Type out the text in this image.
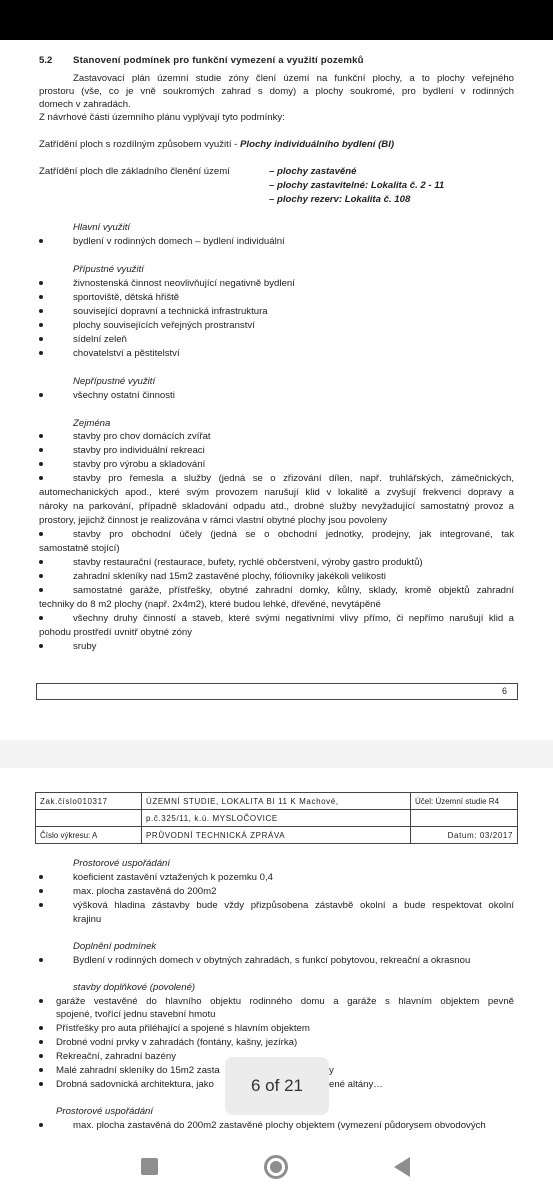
5.2 Stanovení podmínek pro funkční vymezení a využití pozemků
Zastavovací plán územní studie zóny člení území na funkční plochy, a to plochy veřejného
prostoru (vše, co je vně soukromých zahrad s domy) a plochy soukromé, pro bydlení v rodinných
domech v zahradách.
Z návrhové části územního plánu vyplývají tyto podmínky:
Zatřídění ploch s rozdílným způsobem využití - Plochy individuálního bydlení (BI)
Zatřídění ploch dle základního členění území	– plochy zastavěné
– plochy zastavitelné: Lokalita č. 2 - 11
– plochy rezerv: Lokalita č. 108
Hlavní využití
bydlení v rodinných domech – bydlení individuální
Přípustné využití
živnostenská činnost neovlivňující negativně bydlení
sportoviště, dětská hřiště
související dopravní a technická infrastruktura
plochy souvisejících veřejných prostranství
sídelní zeleň
chovatelství a pěstitelství
Nepřípustné využití
všechny ostatní činnosti
Zejména
stavby pro chov domácích zvířat
stavby pro individuální rekreaci
stavby pro výrobu a skladování
stavby pro řemesla a služby (jedná se o zřizování dílen, např. truhlářských, zámečnických,
automechanických apod., které svým provozem narušují klid v lokalitě a zvyšují frekvenci dopravy a
nároky na parkování, případně skladování odpadu atd., drobné služby nevyžadující samostatný provoz a
prostory, jejichž činnost je realizována v rámci vlastní obytné plochy jsou povoleny
stavby pro obchodní účely (jedná se o obchodní jednotky, prodejny, jak integrované, tak
samostatně stojící)
stavby restaurační (restaurace, bufety, rychlé občerstvení, výroby gastro produktů)
zahradní skleníky nad 15m2 zastavěné plochy, fóliovníky jakékoli velikosti
samostatné garáže, přístřešky, obytné zahradní domky, kůlny, sklady, kromě objektů zahradní
techniky do 8 m2 plochy (např. 2x4m2), které budou lehké, dřevěné, nevytápěné
všechny druhy činností a staveb, které svými negativními vlivy přímo, či nepřímo narušují klid a
pohodu prostředí uvnitř obytné zóny
sruby
6
Zak.číslo010317	ÚZEMNÍ STUDIE, LOKALITA BI 11 K Machové,	Účel: Územní studie R4
	p.č.325/11, k.ú. MYSLOČOVICE	
Číslo výkresu: A	PRŮVODNÍ TECHNICKÁ ZPRÁVA	Datum: 03/2017
Prostorové uspořádání
koeficient zastavění vztažených k pozemku 0,4
max. plocha zastavěná do 200m2
výšková hladina zástavby bude vždy přizpůsobena zástavbě okolní a bude respektovat okolní
krajinu
Doplnění podmínek
Bydlení v rodinných domech v obytných zahradách, s funkcí pobytovou, rekreační a okrasnou
stavby doplňkové (povolené)
garáže vestavěné do hlavního objektu rodinného domu a garáže s hlavním objektem pevně
spojené, tvořící jednu stavební hmotu
Přístřešky pro auta přiléhající a spojené s hlavním objektem
Drobné vodní prvky v zahradách (fontány, kašny, jezírka)
Rekreační, zahradní bazény
Malé zahradní skleníky do 15m2 zasta	y
Drobná sadovnická architektura, jako	ené altány…
Prostorové uspořádání
max. plocha zastavěná do 200m2 zastavěné plochy objektem (vymezení půdorysem obvodových
6 of 21
